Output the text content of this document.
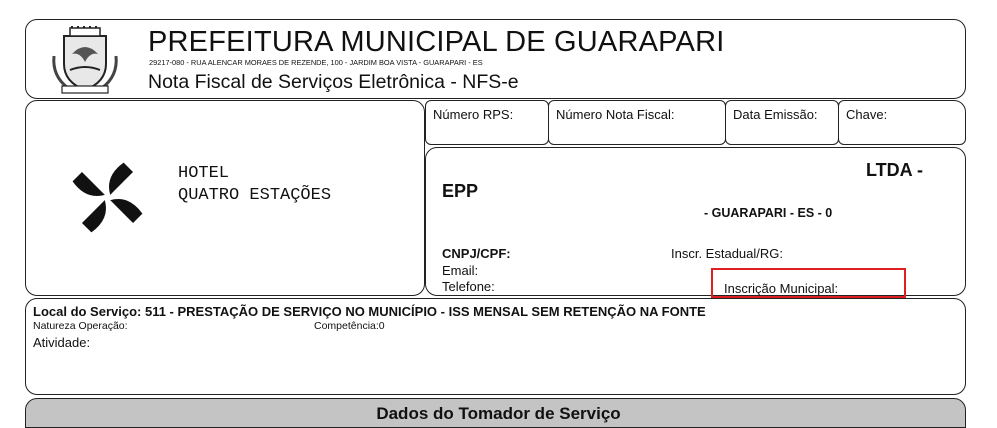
PREFEITURA MUNICIPAL DE GUARAPARI
29217-080 - RUA ALENCAR MORAES DE REZENDE, 100 - JARDIM BOA VISTA - GUARAPARI - ES
Nota Fiscal de Serviços Eletrônica - NFS-e
HOTEL
QUATRO ESTAÇÕES
Número RPS:	Número Nota Fiscal:	Data Emissão: Chave:
LTDA -
EPP
- GUARAPARI - ES - 0
CNPJ/CPF:	Inscr. Estadual/RG:
Email:
Telefone:	Inscrição Municipal:
Local do Serviço: 511 - PRESTAÇÃO DE SERVIÇO NO MUNICÍPIO - ISS MENSAL SEM RETENÇÃO NA FONTE
Natureza Operação:	Competência:0
Atividade:
Dados do Tomador de Serviço
